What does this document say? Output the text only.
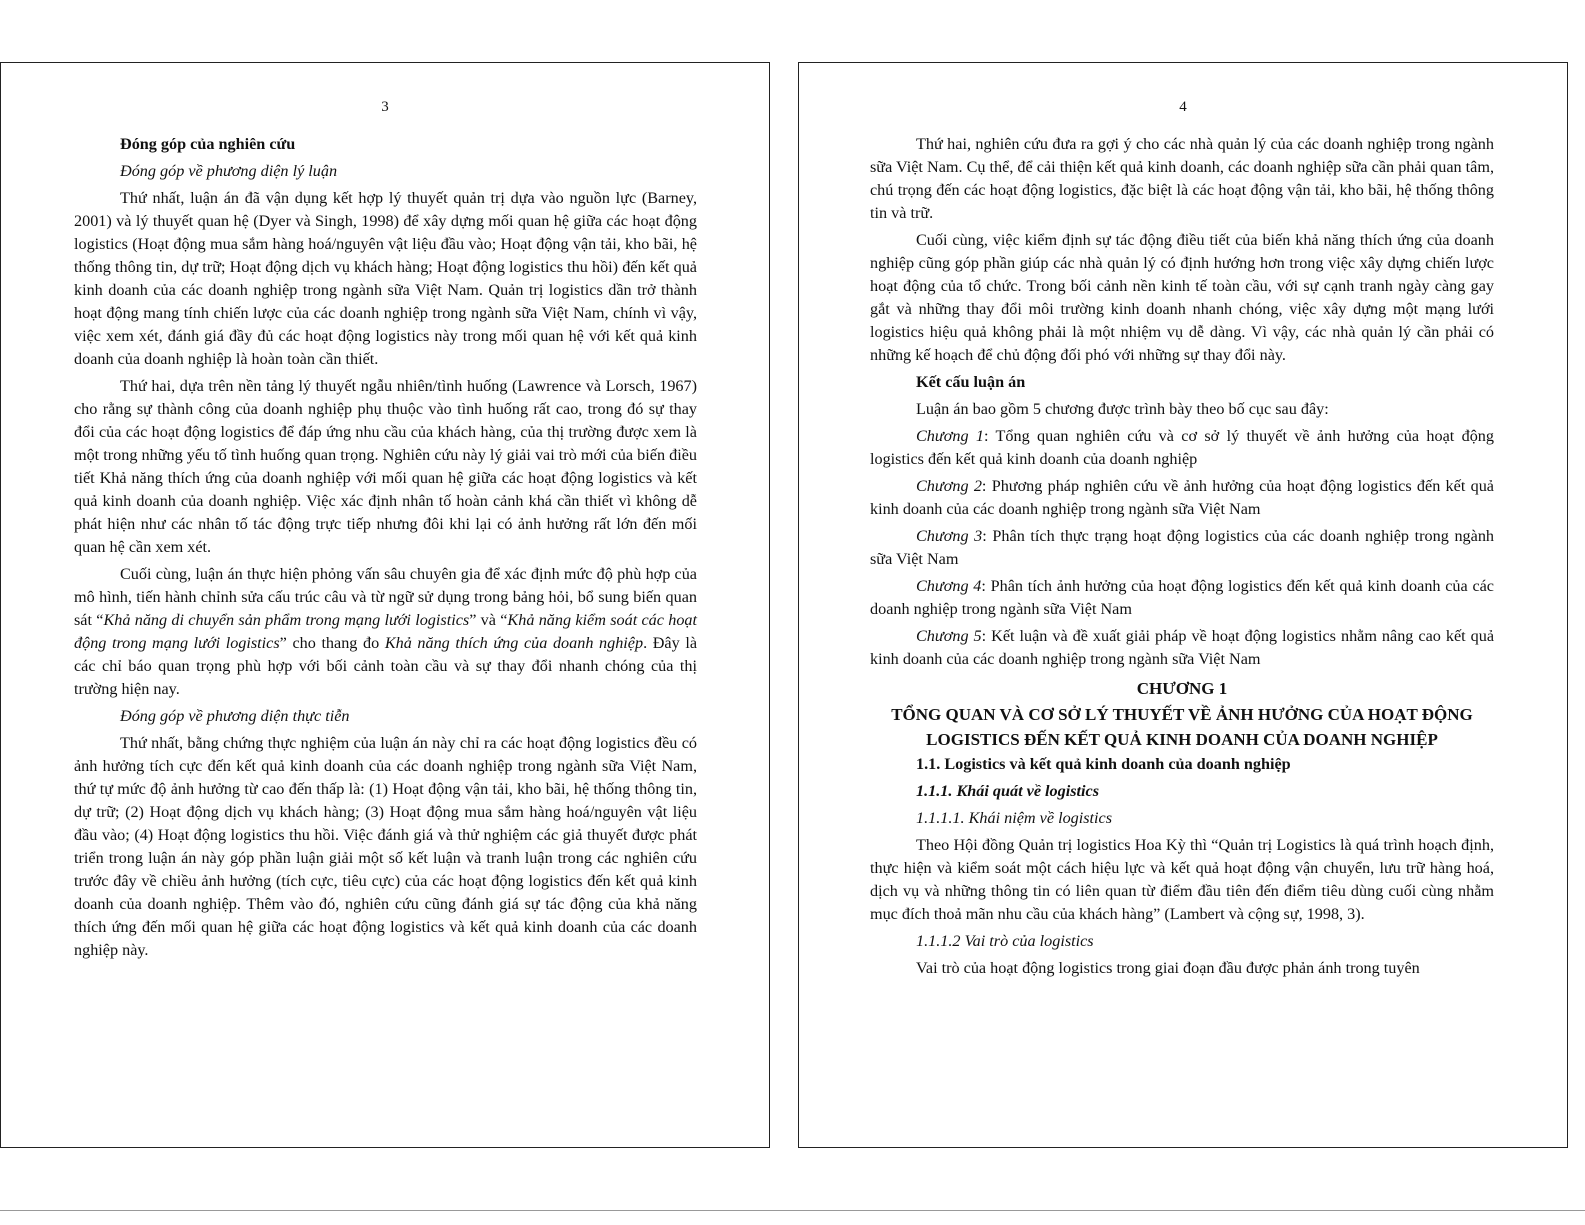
3
Đóng góp của nghiên cứu
Đóng góp về phương diện lý luận

Thứ nhất, luận án đã vận dụng kết hợp lý thuyết quản trị dựa vào nguồn lực (Barney, 2001) và lý thuyết quan hệ (Dyer và Singh, 1998) để xây dựng mối quan hệ giữa các hoạt động logistics (Hoạt động mua sắm hàng hoá/nguyên vật liệu đầu vào; Hoạt động vận tải, kho bãi, hệ thống thông tin, dự trữ; Hoạt động dịch vụ khách hàng; Hoạt động logistics thu hồi) đến kết quả kinh doanh của các doanh nghiệp trong ngành sữa Việt Nam. Quản trị logistics dần trở thành hoạt động mang tính chiến lược của các doanh nghiệp trong ngành sữa Việt Nam, chính vì vậy, việc xem xét, đánh giá đầy đủ các hoạt động logistics này trong mối quan hệ với kết quả kinh doanh của doanh nghiệp là hoàn toàn cần thiết.

Thứ hai, dựa trên nền tảng lý thuyết ngẫu nhiên/tình huống (Lawrence và Lorsch, 1967) cho rằng sự thành công của doanh nghiệp phụ thuộc vào tình huống rất cao, trong đó sự thay đổi của các hoạt động logistics để đáp ứng nhu cầu của khách hàng, của thị trường được xem là một trong những yếu tố tình huống quan trọng. Nghiên cứu này lý giải vai trò mới của biến điều tiết Khả năng thích ứng của doanh nghiệp với mối quan hệ giữa các hoạt động logistics và kết quả kinh doanh của doanh nghiệp. Việc xác định nhân tố hoàn cảnh khá cần thiết vì không dễ phát hiện như các nhân tố tác động trực tiếp nhưng đôi khi lại có ảnh hưởng rất lớn đến mối quan hệ cần xem xét.

Cuối cùng, luận án thực hiện phỏng vấn sâu chuyên gia để xác định mức độ phù hợp của mô hình, tiến hành chỉnh sửa cấu trúc câu và từ ngữ sử dụng trong bảng hỏi, bổ sung biến quan sát “Khả năng di chuyển sản phẩm trong mạng lưới logistics” và “Khả năng kiểm soát các hoạt động trong mạng lưới logistics” cho thang đo Khả năng thích ứng của doanh nghiệp. Đây là các chỉ báo quan trọng phù hợp với bối cảnh toàn cầu và sự thay đổi nhanh chóng của thị trường hiện nay.

Đóng góp về phương diện thực tiễn

Thứ nhất, bằng chứng thực nghiệm của luận án này chỉ ra các hoạt động logistics đều có ảnh hưởng tích cực đến kết quả kinh doanh của các doanh nghiệp trong ngành sữa Việt Nam, thứ tự mức độ ảnh hưởng từ cao đến thấp là: (1) Hoạt động vận tải, kho bãi, hệ thống thông tin, dự trữ; (2) Hoạt động dịch vụ khách hàng; (3) Hoạt động mua sắm hàng hoá/nguyên vật liệu đầu vào; (4) Hoạt động logistics thu hồi. Việc đánh giá và thử nghiệm các giả thuyết được phát triển trong luận án này góp phần luận giải một số kết luận và tranh luận trong các nghiên cứu trước đây về chiều ảnh hưởng (tích cực, tiêu cực) của các hoạt động logistics đến kết quả kinh doanh của doanh nghiệp. Thêm vào đó, nghiên cứu cũng đánh giá sự tác động của khả năng thích ứng đến mối quan hệ giữa các hoạt động logistics và kết quả kinh doanh của các doanh nghiệp này.

4

Thứ hai, nghiên cứu đưa ra gợi ý cho các nhà quản lý của các doanh nghiệp trong ngành sữa Việt Nam. Cụ thể, để cải thiện kết quả kinh doanh, các doanh nghiệp sữa cần phải quan tâm, chú trọng đến các hoạt động logistics, đặc biệt là các hoạt động vận tải, kho bãi, hệ thống thông tin và trữ.

Cuối cùng, việc kiểm định sự tác động điều tiết của biến khả năng thích ứng của doanh nghiệp cũng góp phần giúp các nhà quản lý có định hướng hơn trong việc xây dựng chiến lược hoạt động của tổ chức. Trong bối cảnh nền kinh tế toàn cầu, với sự cạnh tranh ngày càng gay gắt và những thay đổi môi trường kinh doanh nhanh chóng, việc xây dựng một mạng lưới logistics hiệu quả không phải là một nhiệm vụ dễ dàng. Vì vậy, các nhà quản lý cần phải có những kế hoạch để chủ động đối phó với những sự thay đổi này.

Kết cấu luận án
Luận án bao gồm 5 chương được trình bày theo bố cục sau đây:

Chương 1: Tổng quan nghiên cứu và cơ sở lý thuyết về ảnh hưởng của hoạt động logistics đến kết quả kinh doanh của doanh nghiệp

Chương 2: Phương pháp nghiên cứu về ảnh hưởng của hoạt động logistics đến kết quả kinh doanh của các doanh nghiệp trong ngành sữa Việt Nam

Chương 3: Phân tích thực trạng hoạt động logistics của các doanh nghiệp trong ngành sữa Việt Nam

Chương 4: Phân tích ảnh hưởng của hoạt động logistics đến kết quả kinh doanh của các doanh nghiệp trong ngành sữa Việt Nam

Chương 5: Kết luận và đề xuất giải pháp về hoạt động logistics nhằm nâng cao kết quả kinh doanh của các doanh nghiệp trong ngành sữa Việt Nam

CHƯƠNG 1
TỔNG QUAN VÀ CƠ SỞ LÝ THUYẾT VỀ ẢNH HƯỞNG CỦA HOẠT ĐỘNG
LOGISTICS ĐẾN KẾT QUẢ KINH DOANH CỦA DOANH NGHIỆP
1.1. Logistics và kết quả kinh doanh của doanh nghiệp
1.1.1. Khái quát về logistics
1.1.1.1. Khái niệm về logistics

Theo Hội đồng Quản trị logistics Hoa Kỳ thì “Quản trị Logistics là quá trình hoạch định, thực hiện và kiểm soát một cách hiệu lực và kết quả hoạt động vận chuyển, lưu trữ hàng hoá, dịch vụ và những thông tin có liên quan từ điểm đầu tiên đến điểm tiêu dùng cuối cùng nhằm mục đích thoả mãn nhu cầu của khách hàng” (Lambert và cộng sự, 1998, 3).

1.1.1.2 Vai trò của logistics

Vai trò của hoạt động logistics trong giai đoạn đầu được phản ánh trong tuyên
